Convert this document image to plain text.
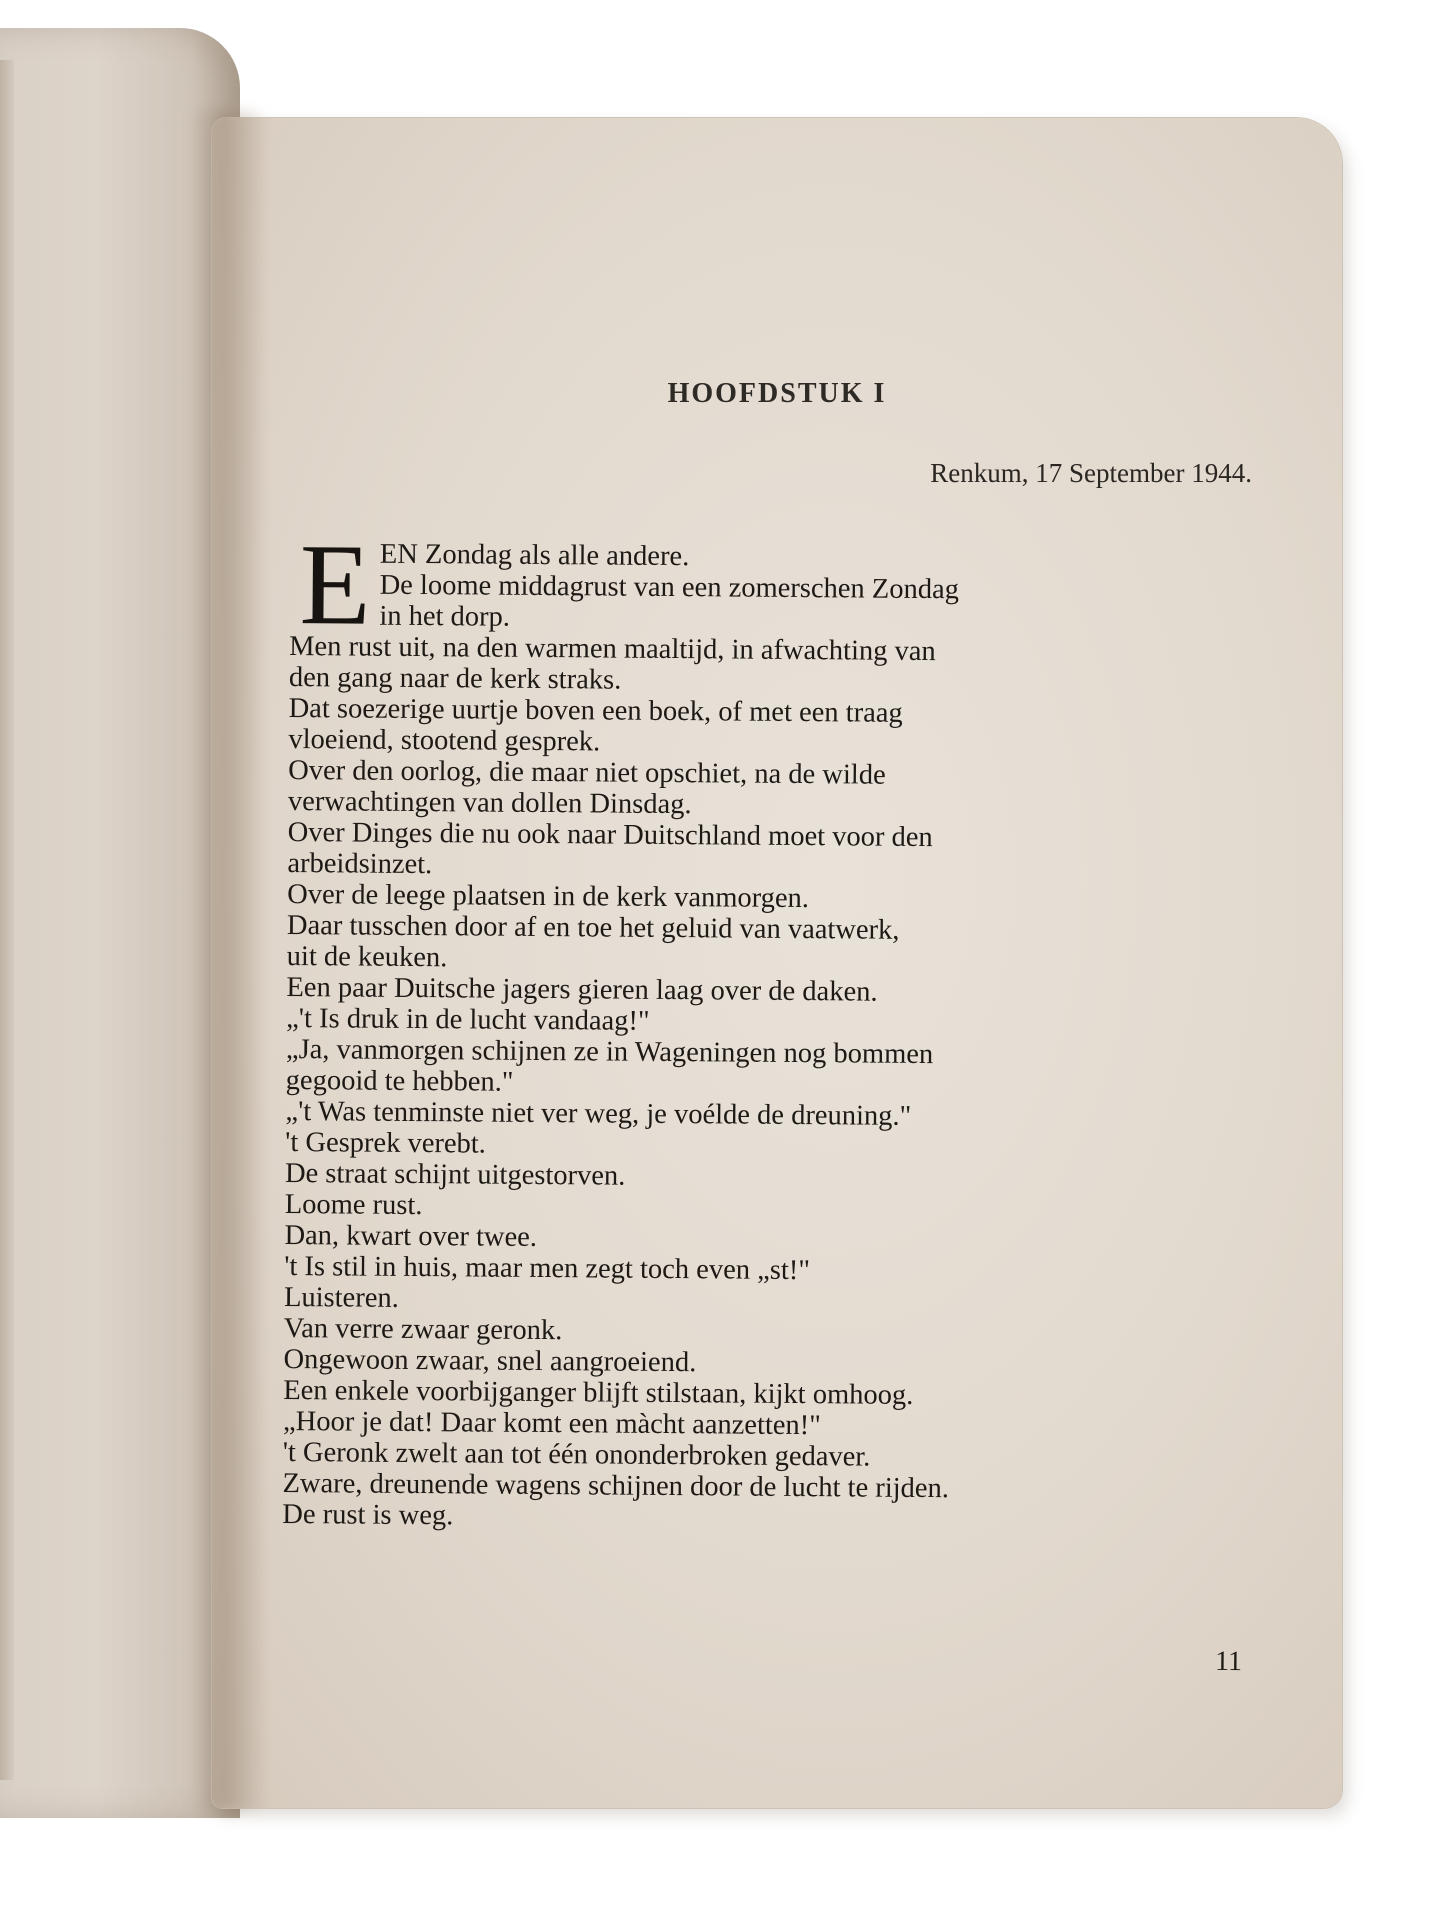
HOOFDSTUK I

Renkum, 17 September 1944.

E EN Zondag als alle andere.
De loome middagrust van een zomerschen Zondag
in het dorp.
Men rust uit, na den warmen maaltijd, in afwachting van
den gang naar de kerk straks.
Dat soezerige uurtje boven een boek, of met een traag
vloeiend, stootend gesprek.
Over den oorlog, die maar niet opschiet, na de wilde
verwachtingen van dollen Dinsdag.
Over Dinges die nu ook naar Duitschland moet voor den
arbeidsinzet.
Over de leege plaatsen in de kerk vanmorgen.
Daar tusschen door af en toe het geluid van vaatwerk,
uit de keuken.
Een paar Duitsche jagers gieren laag over de daken.
„'t Is druk in de lucht vandaag!"
„Ja, vanmorgen schijnen ze in Wageningen nog bommen
gegooid te hebben."
„'t Was tenminste niet ver weg, je voélde de dreuning."
't Gesprek verebt.
De straat schijnt uitgestorven.
Loome rust.
Dan, kwart over twee.
't Is stil in huis, maar men zegt toch even „st!"
Luisteren.
Van verre zwaar geronk.
Ongewoon zwaar, snel aangroeiend.
Een enkele voorbijganger blijft stilstaan, kijkt omhoog.
„Hoor je dat! Daar komt een màcht aanzetten!"
't Geronk zwelt aan tot één ononderbroken gedaver.
Zware, dreunende wagens schijnen door de lucht te rijden.
De rust is weg.
11
